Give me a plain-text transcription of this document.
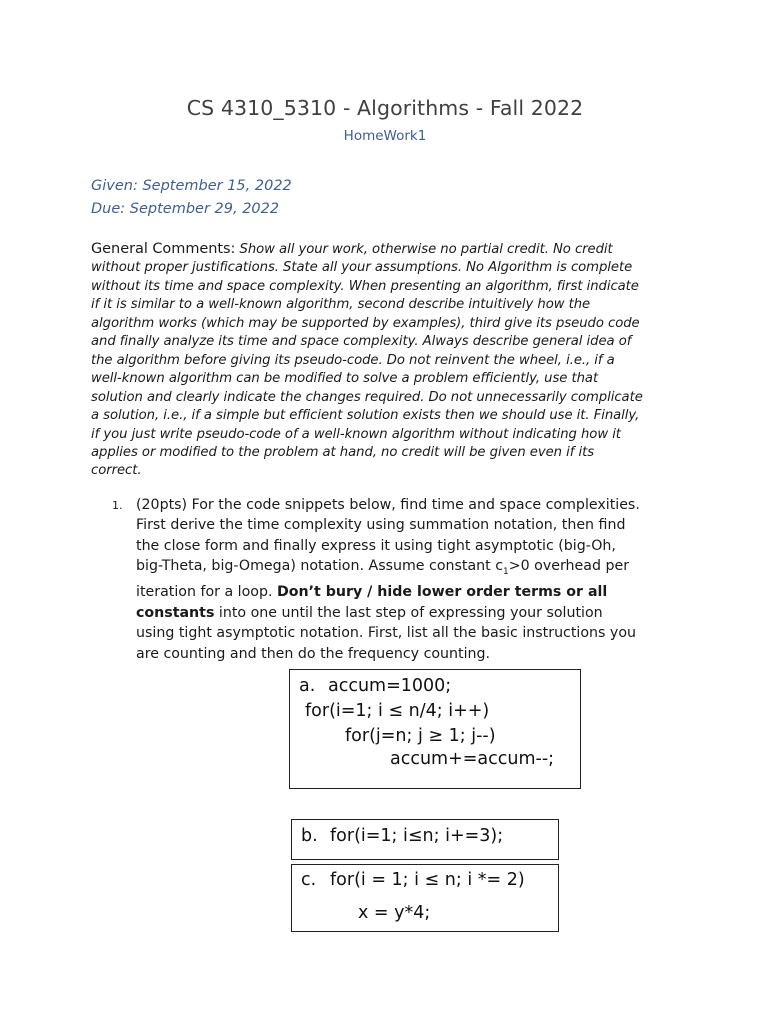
CS 4310_5310 - Algorithms - Fall 2022
HomeWork1
Given: September 15, 2022
Due: September 29, 2022
General Comments: Show all your work, otherwise no partial credit. No credit
without proper justifications. State all your assumptions. No Algorithm is complete
without its time and space complexity. When presenting an algorithm, first indicate
if it is similar to a well-known algorithm, second describe intuitively how the
algorithm works (which may be supported by examples), third give its pseudo code
and finally analyze its time and space complexity. Always describe general idea of
the algorithm before giving its pseudo-code. Do not reinvent the wheel, i.e., if a
well-known algorithm can be modified to solve a problem efficiently, use that
solution and clearly indicate the changes required. Do not unnecessarily complicate
a solution, i.e., if a simple but efficient solution exists then we should use it. Finally,
if you just write pseudo-code of a well-known algorithm without indicating how it
applies or modified to the problem at hand, no credit will be given even if its
correct.
1. (20pts) For the code snippets below, find time and space complexities.
First derive the time complexity using summation notation, then find
the close form and finally express it using tight asymptotic (big-Oh,
big-Theta, big-Omega) notation. Assume constant $c_1>0$ overhead per
iteration for a loop. Don’t bury / hide lower order terms or all
constants into one until the last step of expressing your solution
using tight asymptotic notation. First, list all the basic instructions you
are counting and then do the frequency counting.
a. accum=1000;
for(i=1; i ≤ n/4; i++)
for(j=n; j ≥ 1; j--)
accum+=accum--;
b. for(i=1; i≤n; i+=3);
c. for(i = 1; i ≤ n; i *= 2)
x = y*4;
